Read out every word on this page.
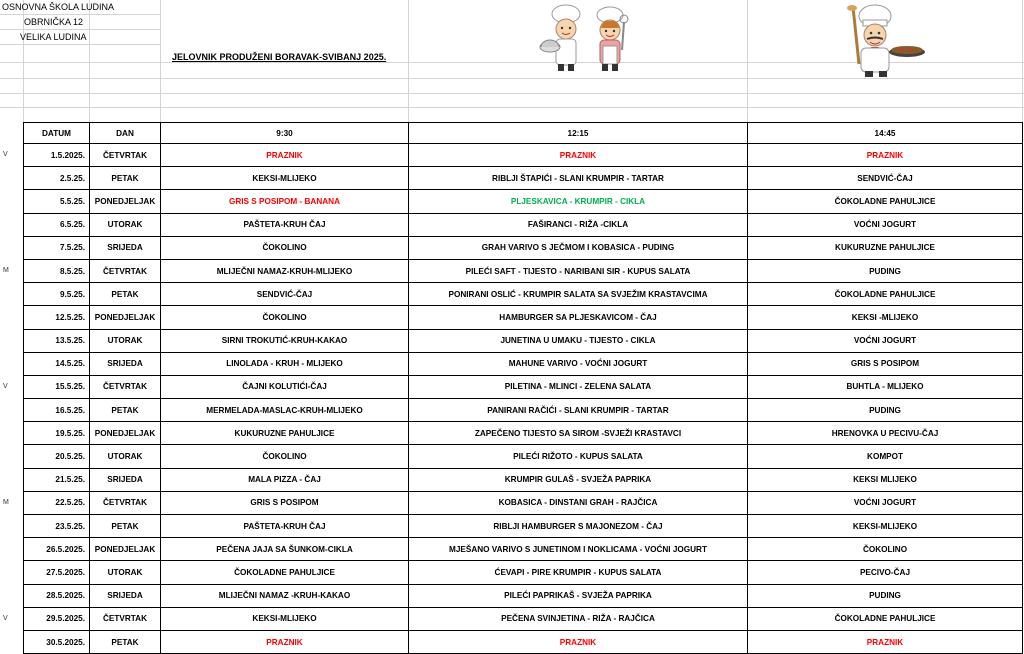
OSNOVNA ŠKOLA LUDINA
OBRNIČKA 12
VELIKA LUDINA
JELOVNIK PRODUŽENI BORAVAK-SVIBANJ 2025.
V
M
V
M
V
DATUM	DAN	9:30	12:15	14:45
1.5.2025.	ČETVRTAK	PRAZNIK	PRAZNIK	PRAZNIK
2.5.25.	PETAK	KEKSI-MLIJEKO	RIBLJI ŠTAPIĆI - SLANI KRUMPIR - TARTAR	SENDVIĆ-ČAJ
5.5.25.	PONEDJELJAK	GRIS S POSIPOM - BANANA	PLJESKAVICA - KRUMPIR - CIKLA	ČOKOLADNE PAHULJICE
6.5.25.	UTORAK	PAŠTETA-KRUH ČAJ	FAŠIRANCI - RIŽA -CIKLA	VOĆNI JOGURT
7.5.25.	SRIJEDA	ČOKOLINO	GRAH VARIVO S JEČMOM I KOBASICA - PUDING	KUKURUZNE PAHULJICE
8.5.25.	ČETVRTAK	MLIJEČNI NAMAZ-KRUH-MLIJEKO	PILEĆI SAFT - TIJESTO - NARIBANI SIR - KUPUS SALATA	PUDING
9.5.25.	PETAK	SENDVIĆ-ČAJ	PONIRANI OSLIĆ - KRUMPIR SALATA SA SVJEŽIM KRASTAVCIMA	ČOKOLADNE PAHULJICE
12.5.25.	PONEDJELJAK	ČOKOLINO	HAMBURGER SA PLJESKAVICOM - ČAJ	KEKSI -MLIJEKO
13.5.25.	UTORAK	SIRNI TROKUTIĆ-KRUH-KAKAO	JUNETINA U UMAKU - TIJESTO - CIKLA	VOĆNI JOGURT
14.5.25.	SRIJEDA	LINOLADA - KRUH - MLIJEKO	MAHUNE VARIVO - VOĆNI JOGURT	GRIS S POSIPOM
15.5.25.	ČETVRTAK	ČAJNI KOLUTIĆI-ČAJ	PILETINA - MLINCI - ZELENA SALATA	BUHTLA - MLIJEKO
16.5.25.	PETAK	MERMELADA-MASLAC-KRUH-MLIJEKO	PANIRANI RAČIĆI - SLANI KRUMPIR - TARTAR	PUDING
19.5.25.	PONEDJELJAK	KUKURUZNE PAHULJICE	ZAPEČENO TIJESTO SA SIROM -SVJEŽI KRASTAVCI	HRENOVKA U PECIVU-ČAJ
20.5.25.	UTORAK	ČOKOLINO	PILEĆI RIŽOTO - KUPUS SALATA	KOMPOT
21.5.25.	SRIJEDA	MALA PIZZA - ČAJ	KRUMPIR GULAŠ - SVJEŽA PAPRIKA	KEKSI MLIJEKO
22.5.25.	ČETVRTAK	GRIS S POSIPOM	KOBASICA - DINSTANI GRAH - RAJČICA	VOĆNI JOGURT
23.5.25.	PETAK	PAŠTETA-KRUH ČAJ	RIBLJI HAMBURGER S MAJONEZOM - ČAJ	KEKSI-MLIJEKO
26.5.2025.	PONEDJELJAK	PEČENA JAJA SA ŠUNKOM-CIKLA	MJEŠANO VARIVO S JUNETINOM I NOKLICAMA - VOĆNI JOGURT	ČOKOLINO
27.5.2025.	UTORAK	ČOKOLADNE PAHULJICE	ĆEVAPI - PIRE KRUMPIR - KUPUS SALATA	PECIVO-ČAJ
28.5.2025.	SRIJEDA	MLIJEČNI NAMAZ -KRUH-KAKAO	PILEĆI PAPRIKAŠ - SVJEŽA PAPRIKA	PUDING
29.5.2025.	ČETVRTAK	KEKSI-MLIJEKO	PEČENA SVINJETINA - RIŽA - RAJČICA	ČOKOLADNE PAHULJICE
30.5.2025.	PETAK	PRAZNIK	PRAZNIK	PRAZNIK
